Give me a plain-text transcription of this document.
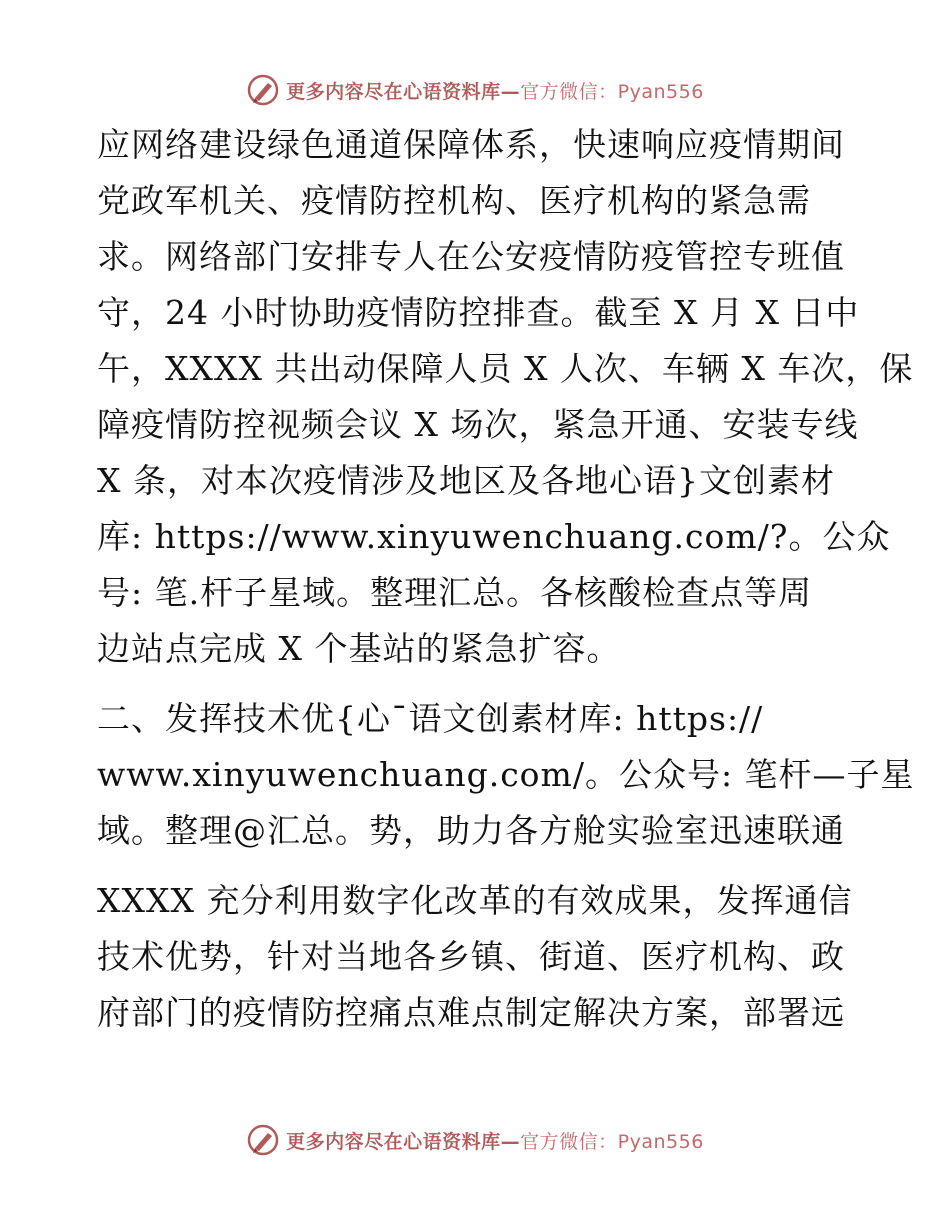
更多内容尽在心语资料库— 官方微信：Pyan556
应网络建设绿色通道保障体系，快速响应疫情期间
党政军机关、疫情防控机构、医疗机构的紧急需
求。网络部门安排专人在公安疫情防疫管控专班值
守，24 小时协助疫情防控排查。截至 X 月 X 日中
午，XXXX 共出动保障人员 X 人次、车辆 X 车次，保
障疫情防控视频会议 X 场次，紧急开通、安装专线
X 条，对本次疫情涉及地区及各地心语}文创素材
库: https://www.xinyuwenchuang.com/?。公众
号: 笔.杆子星域。整理汇总。各核酸检查点等周
边站点完成 X 个基站的紧急扩容。
二、发挥技术优{心¯语文创素材库: https://
www.xinyuwenchuang.com/。公众号: 笔杆—子星
域。整理@汇总。势，助力各方舱实验室迅速联通
XXXX 充分利用数字化改革的有效成果，发挥通信
技术优势，针对当地各乡镇、街道、医疗机构、政
府部门的疫情防控痛点难点制定解决方案，部署远
更多内容尽在心语资料库— 官方微信：Pyan556
